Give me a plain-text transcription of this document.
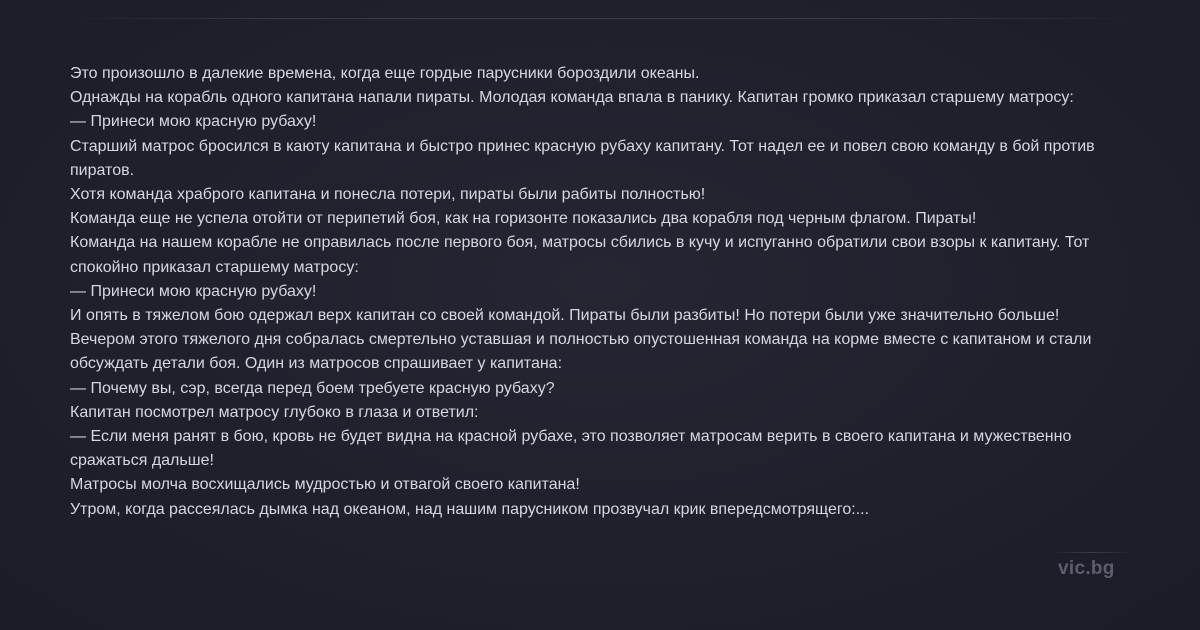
Это произошло в далекие времена, когда еще гордые парусники бороздили океаны.

Однажды на корабль одного капитана напали пираты. Молодая команда впала в панику. Капитан громко приказал старшему матросу:

— Принеси мою красную рубаху!

Старший матрос бросился в каюту капитана и быстро принес красную рубаху капитану. Тот надел ее и повел свою команду в бой против пиратов.

Хотя команда храброго капитана и понесла потери, пираты были рабиты полностью!

Команда еще не успела отойти от перипетий боя, как на горизонте показались два корабля под черным флагом. Пираты!

Команда на нашем корабле не оправилась после первого боя, матросы сбились в кучу и испуганно обратили свои взоры к капитану. Тот спокойно приказал старшему матросу:

— Принеси мою красную рубаху!

И опять в тяжелом бою одержал верх капитан со своей командой. Пираты были разбиты! Но потери были уже значительно больше!

Вечером этого тяжелого дня собралась смертельно уставшая и полностью опустошенная команда на корме вместе с капитаном и стали обсуждать детали боя. Один из матросов спрашивает у капитана:

— Почему вы, сэр, всегда перед боем требуете красную рубаху?

Капитан посмотрел матросу глубоко в глаза и ответил:

— Если меня ранят в бою, кровь не будет видна на красной рубахе, это позволяет матросам верить в своего капитана и мужественно сражаться дальше!

Матросы молча восхищались мудростью и отвагой своего капитана!

Утром, когда рассеялась дымка над океаном, над нашим парусником прозвучал крик впередсмотрящего:...

vic.bg
